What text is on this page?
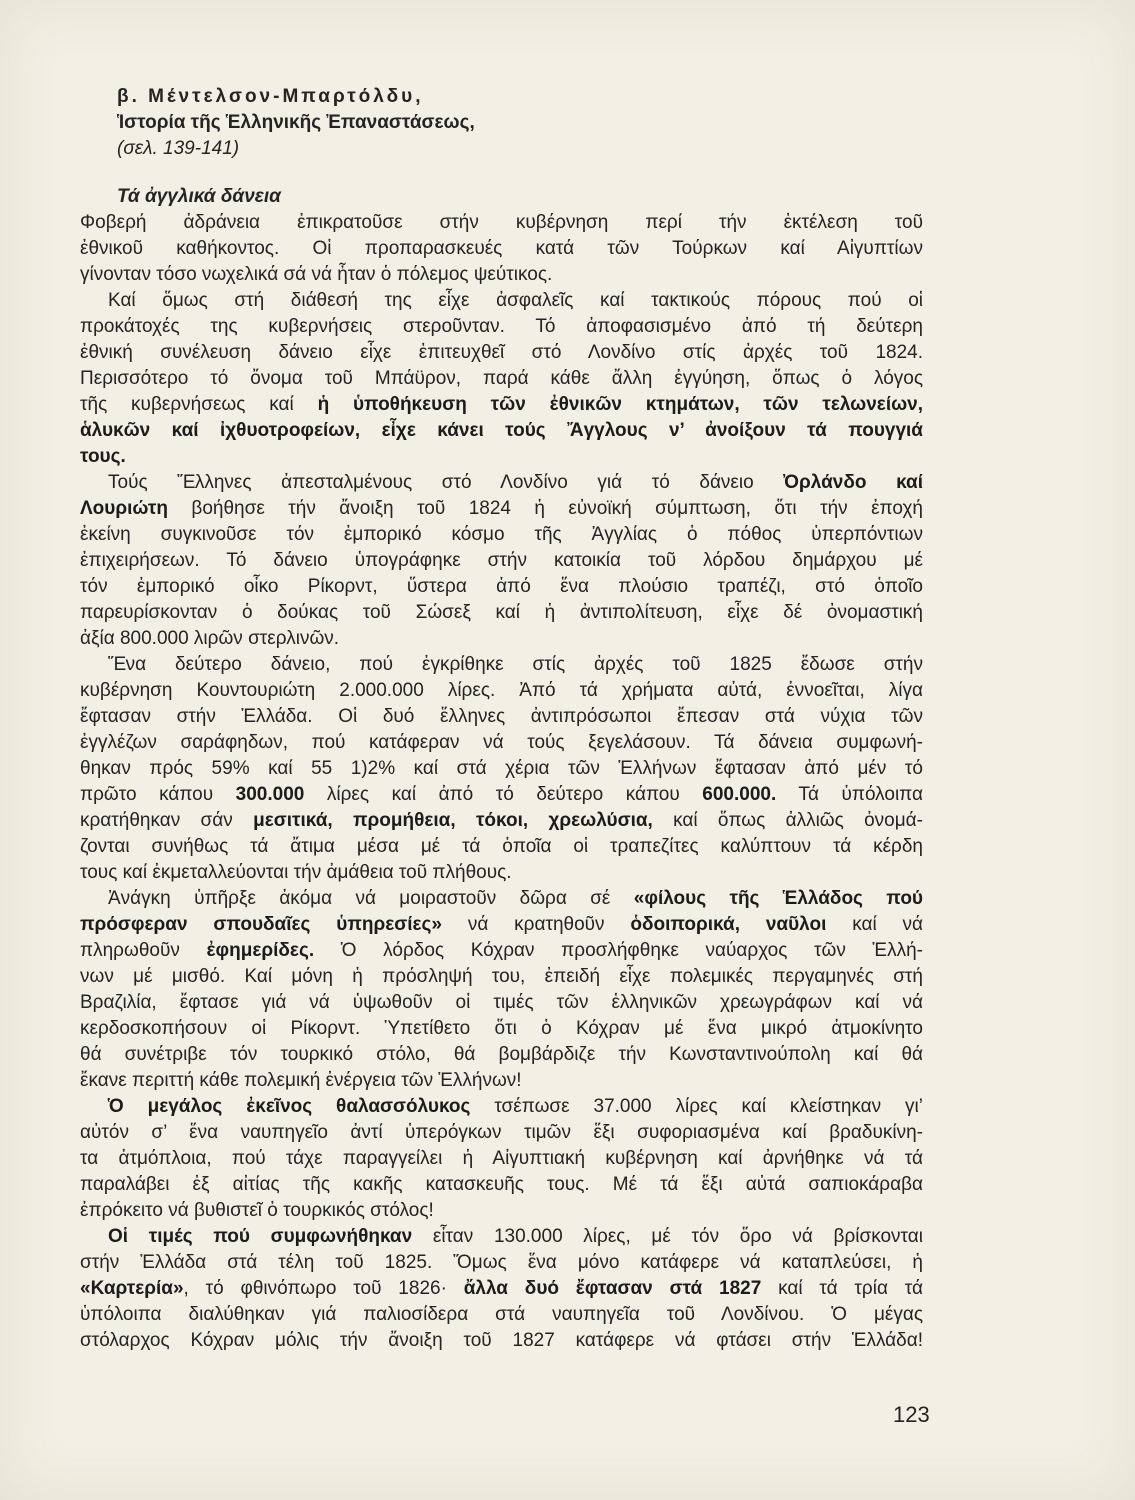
β. Μέντελσον-Μπαρτόλδυ,
Ἱστορία τῆς Ἑλληνικῆς Ἐπαναστάσεως,
(σελ. 139-141)
Τά ἀγγλικά δάνεια
Φοβερή ἀδράνεια ἐπικρατοῦσε στήν κυβέρνηση περί τήν ἐκτέλεση τοῦ
ἐθνικοῦ καθήκοντος. Οἱ προπαρασκευές κατά τῶν Τούρκων καί Αἰγυπτίων
γίνονταν τόσο νωχελικά σά νά ἦταν ὁ πόλεμος ψεύτικος.
Καί ὅμως στή διάθεσή της εἶχε ἀσφαλεῖς καί τακτικούς πόρους πού οἱ
προκάτοχές της κυβερνήσεις στεροῦνταν. Τό ἀποφασισμένο ἀπό τή δεύτερη
ἐθνική συνέλευση δάνειο εἶχε ἐπιτευχθεῖ στό Λονδίνο στίς ἀρχές τοῦ 1824.
Περισσότερο τό ὄνομα τοῦ Μπάϋρον, παρά κάθε ἄλλη ἐγγύηση, ὅπως ὁ λόγος
τῆς κυβερνήσεως καί ἡ ὑποθήκευση τῶν ἐθνικῶν κτημάτων, τῶν τελωνείων,
ἁλυκῶν καί ἰχθυοτροφείων, εἶχε κάνει τούς Ἄγγλους ν’ ἀνοίξουν τά πουγγιά
τους.
Τούς Ἕλληνες ἀπεσταλμένους στό Λονδίνο γιά τό δάνειο Ὀρλάνδο καί
Λουριώτη βοήθησε τήν ἄνοιξη τοῦ 1824 ἡ εὐνοϊκή σύμπτωση, ὅτι τήν ἐποχή
ἐκείνη συγκινοῦσε τόν ἐμπορικό κόσμο τῆς Ἀγγλίας ὁ πόθος ὑπερπόντιων
ἐπιχειρήσεων. Τό δάνειο ὑπογράφηκε στήν κατοικία τοῦ λόρδου δημάρχου μέ
τόν ἐμπορικό οἶκο Ρίκορντ, ὕστερα ἀπό ἕνα πλούσιο τραπέζι, στό ὁποῖο
παρευρίσκονταν ὁ δούκας τοῦ Σώσεξ καί ἡ ἀντιπολίτευση, εἶχε δέ ὀνομαστική
ἀξία 800.000 λιρῶν στερλινῶν.
Ἕνα δεύτερο δάνειο, πού ἐγκρίθηκε στίς ἀρχές τοῦ 1825 ἔδωσε στήν
κυβέρνηση Κουντουριώτη 2.000.000 λίρες. Ἀπό τά χρήματα αὐτά, ἐννοεῖται, λίγα
ἔφτασαν στήν Ἑλλάδα. Οἱ δυό ἕλληνες ἀντιπρόσωποι ἔπεσαν στά νύχια τῶν
ἐγγλέζων σαράφηδων, πού κατάφεραν νά τούς ξεγελάσουν. Τά δάνεια συμφωνή-
θηκαν πρός 59% καί 55 1)2% καί στά χέρια τῶν Ἑλλήνων ἔφτασαν ἀπό μέν τό
πρῶτο κάπου 300.000 λίρες καί ἀπό τό δεύτερο κάπου 600.000. Τά ὑπόλοιπα
κρατήθηκαν σάν μεσιτικά, προμήθεια, τόκοι, χρεωλύσια, καί ὅπως ἀλλιῶς ὀνομά-
ζονται συνήθως τά ἄτιμα μέσα μέ τά ὁποῖα οἱ τραπεζίτες καλύπτουν τά κέρδη
τους καί ἐκμεταλλεύονται τήν ἀμάθεια τοῦ πλήθους.
Ἀνάγκη ὑπῆρξε ἀκόμα νά μοιραστοῦν δῶρα σέ «φίλους τῆς Ἑλλάδος πού
πρόσφεραν σπουδαῖες ὑπηρεσίες» νά κρατηθοῦν ὁδοιπορικά, ναῦλοι καί νά
πληρωθοῦν ἐφημερίδες. Ὁ λόρδος Κόχραν προσλήφθηκε ναύαρχος τῶν Ἑλλή-
νων μέ μισθό. Καί μόνη ἡ πρόσληψή του, ἐπειδή εἶχε πολεμικές περγαμηνές στή
Βραζιλία, ἔφτασε γιά νά ὑψωθοῦν οἱ τιμές τῶν ἑλληνικῶν χρεωγράφων καί νά
κερδοσκοπήσουν οἱ Ρίκορντ. Ὑπετίθετο ὅτι ὁ Κόχραν μέ ἕνα μικρό ἀτμοκίνητο
θά συνέτριβε τόν τουρκικό στόλο, θά βομβάρδιζε τήν Κωνσταντινούπολη καί θά
ἔκανε περιττή κάθε πολεμική ἐνέργεια τῶν Ἑλλήνων!
Ὁ μεγάλος ἐκεῖνος θαλασσόλυκος τσέπωσε 37.000 λίρες καί κλείστηκαν γι’
αὐτόν σ’ ἕνα ναυπηγεῖο ἀντί ὑπερόγκων τιμῶν ἕξι συφοριασμένα καί βραδυκίνη-
τα ἀτμόπλοια, πού τάχε παραγγείλει ἡ Αἰγυπτιακή κυβέρνηση καί ἀρνήθηκε νά τά
παραλάβει ἐξ αἰτίας τῆς κακῆς κατασκευῆς τους. Μέ τά ἕξι αὐτά σαπιοκάραβα
ἐπρόκειτο νά βυθιστεῖ ὁ τουρκικός στόλος!
Οἱ τιμές πού συμφωνήθηκαν εἶταν 130.000 λίρες, μέ τόν ὅρο νά βρίσκονται
στήν Ἑλλάδα στά τέλη τοῦ 1825. Ὅμως ἕνα μόνο κατάφερε νά καταπλεύσει, ἡ
«Καρτερία», τό φθινόπωρο τοῦ 1826· ἄλλα δυό ἔφτασαν στά 1827 καί τά τρία τά
ὑπόλοιπα διαλύθηκαν γιά παλιοσίδερα στά ναυπηγεῖα τοῦ Λονδίνου. Ὁ μέγας
στόλαρχος Κόχραν μόλις τήν ἄνοιξη τοῦ 1827 κατάφερε νά φτάσει στήν Ἑλλάδα!
123
